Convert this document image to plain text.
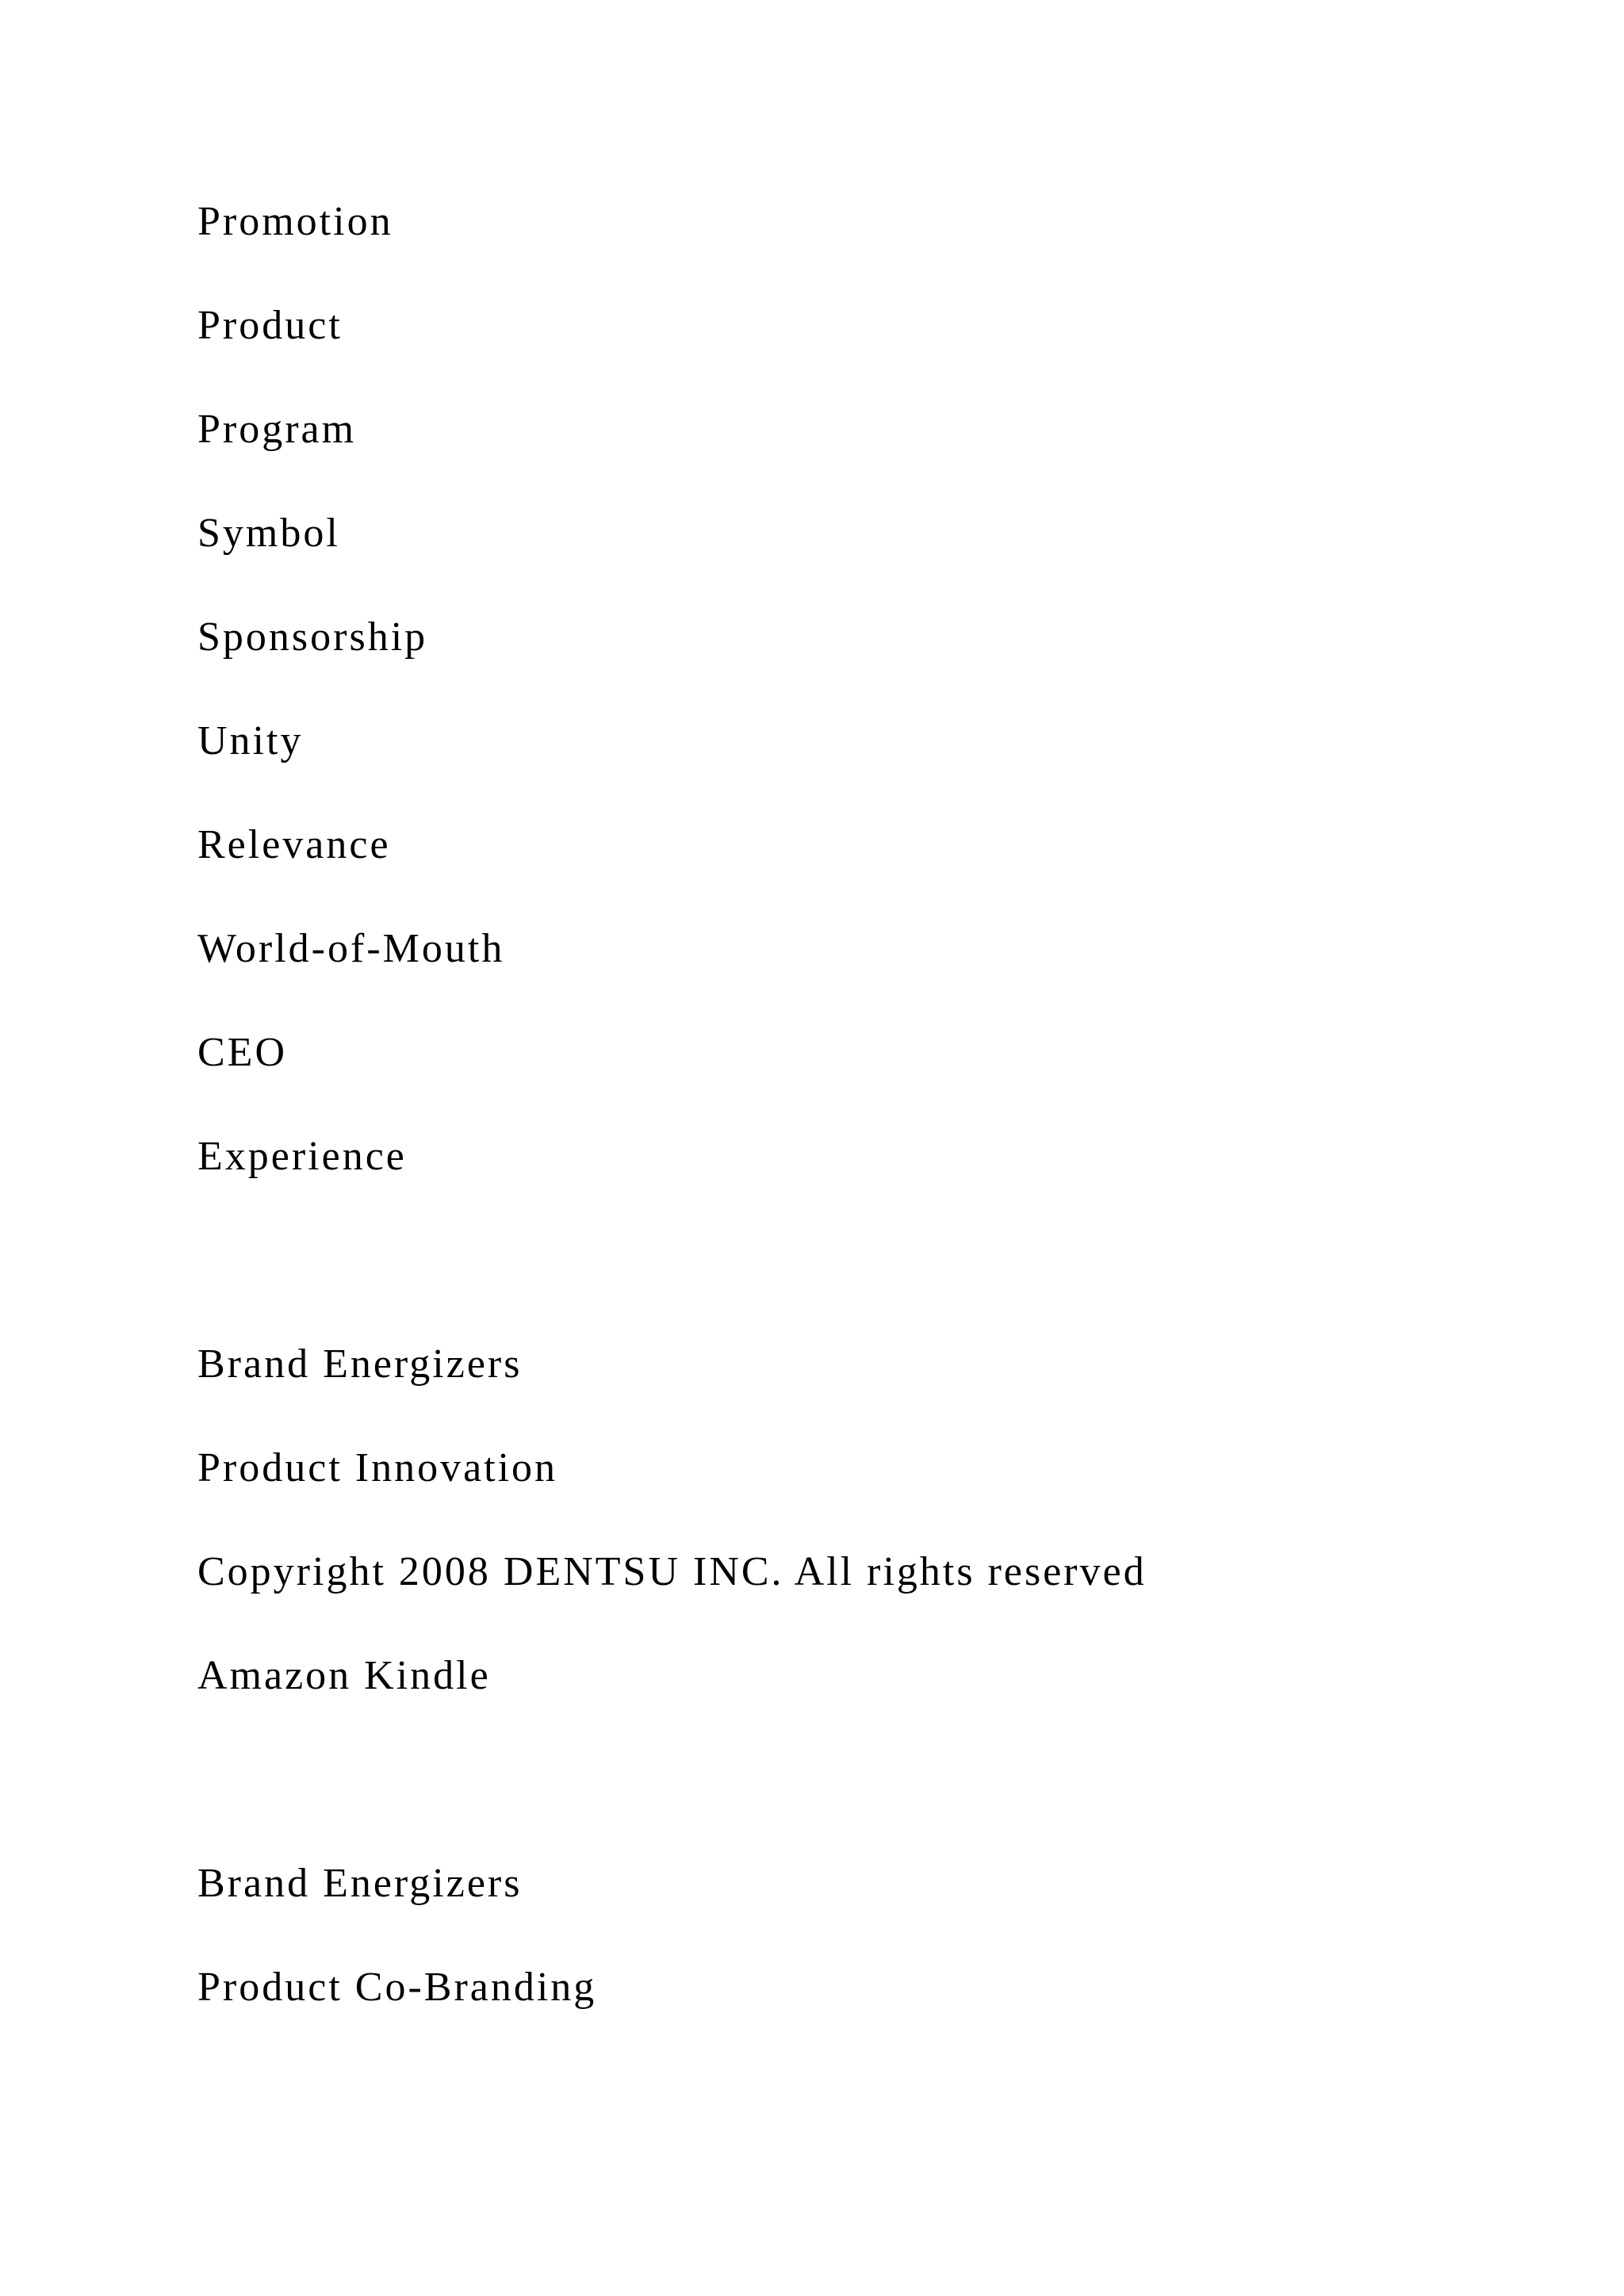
Promotion

Product

Program

Symbol

Sponsorship

Unity

Relevance

World-of-Mouth

CEO

Experience

Brand Energizers

Product Innovation

Copyright 2008 DENTSU INC. All rights reserved

Amazon Kindle

Brand Energizers

Product Co-Branding
